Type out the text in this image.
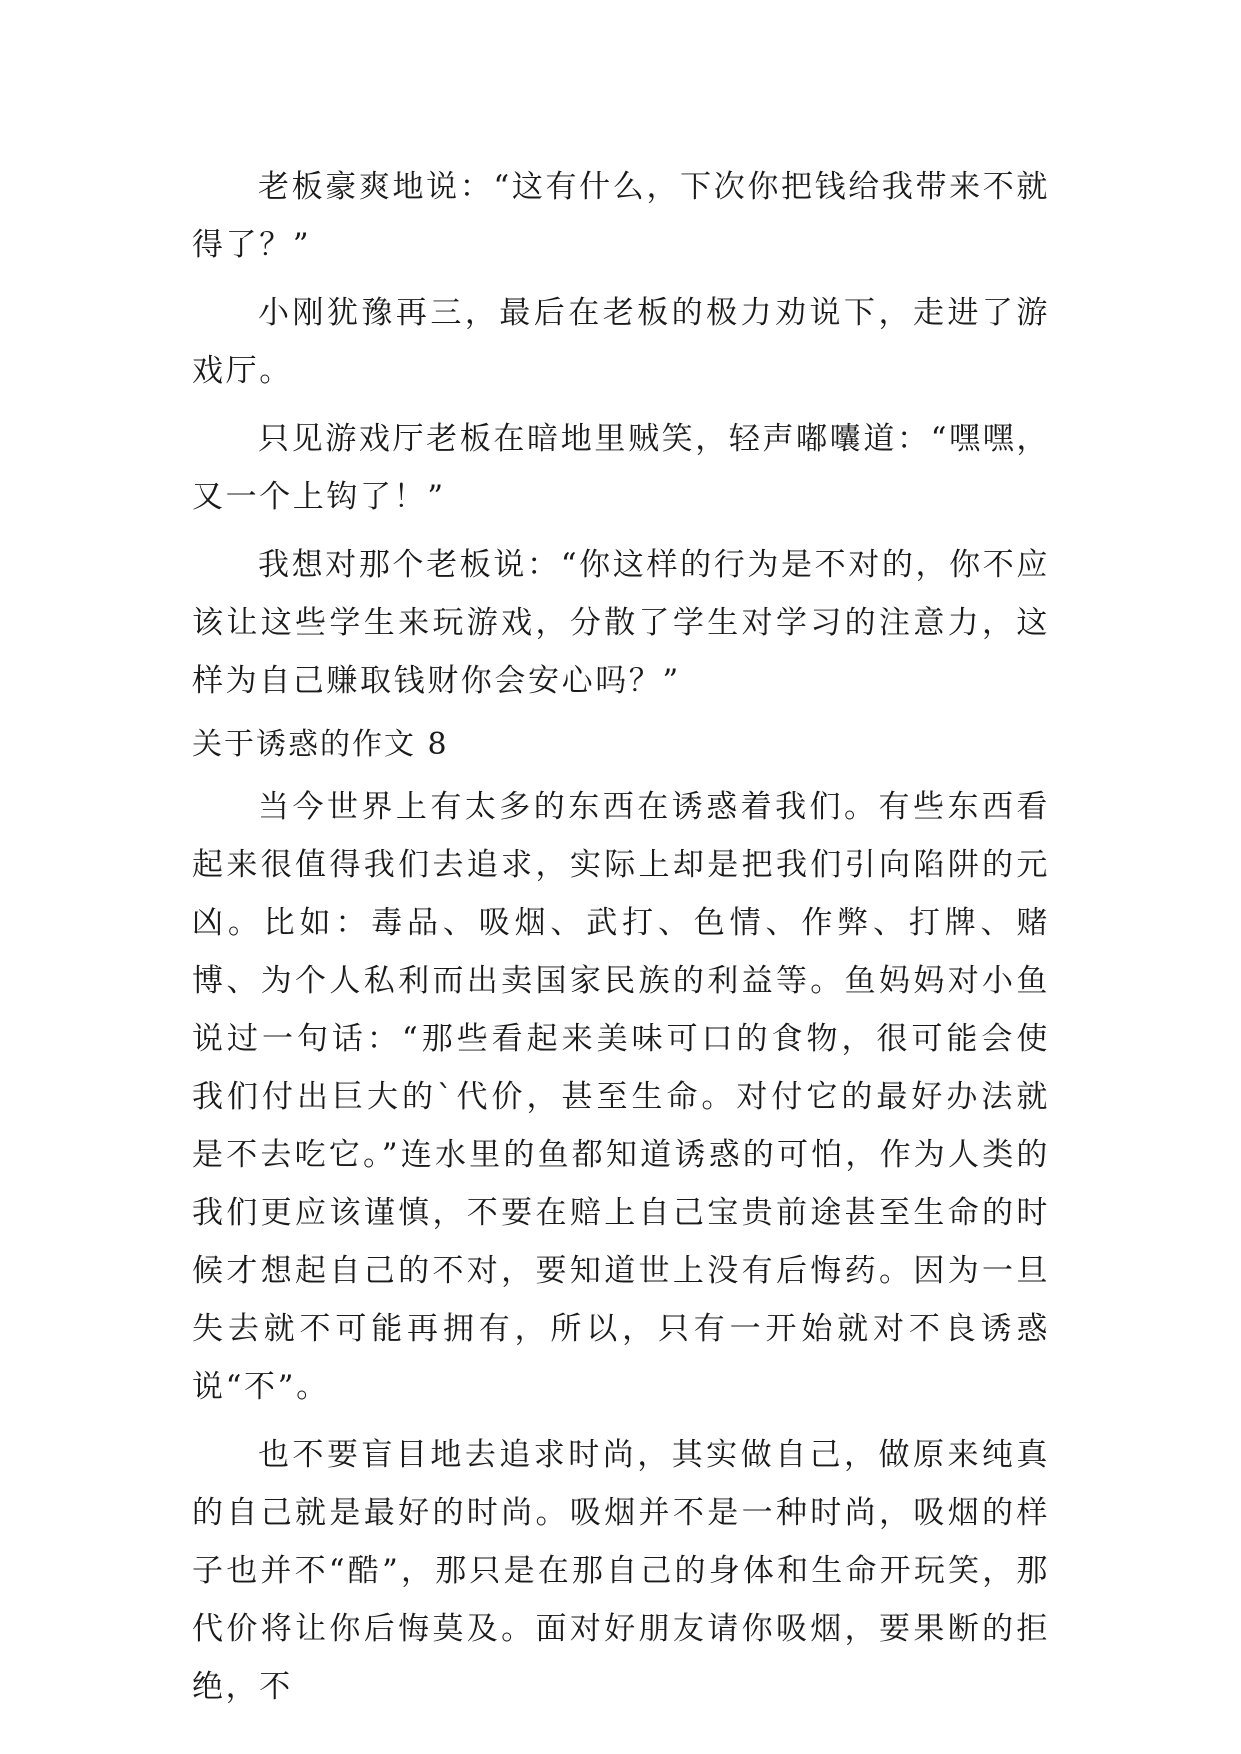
老板豪爽地说：“这有什么，下次你把钱给我带来不就得了？”

小刚犹豫再三，最后在老板的极力劝说下，走进了游戏厅。

只见游戏厅老板在暗地里贼笑，轻声嘟囔道：“嘿嘿，又一个上钩了！”

我想对那个老板说：“你这样的行为是不对的，你不应该让这些学生来玩游戏，分散了学生对学习的注意力，这样为自己赚取钱财你会安心吗？”

关于诱惑的作文 8

当今世界上有太多的东西在诱惑着我们。有些东西看起来很值得我们去追求，实际上却是把我们引向陷阱的元凶。比如：毒品、吸烟、武打、色情、作弊、打牌、赌博、为个人私利而出卖国家民族的利益等。鱼妈妈对小鱼说过一句话：“那些看起来美味可口的食物，很可能会使我们付出巨大的`代价，甚至生命。对付它的最好办法就是不去吃它。”连水里的鱼都知道诱惑的可怕，作为人类的我们更应该谨慎，不要在赔上自己宝贵前途甚至生命的时候才想起自己的不对，要知道世上没有后悔药。因为一旦失去就不可能再拥有，所以，只有一开始就对不良诱惑说“不”。

也不要盲目地去追求时尚，其实做自己，做原来纯真的自己就是最好的时尚。吸烟并不是一种时尚，吸烟的样子也并不“酷”，那只是在那自己的身体和生命开玩笑，那代价将让你后悔莫及。面对好朋友请你吸烟，要果断的拒绝，不
